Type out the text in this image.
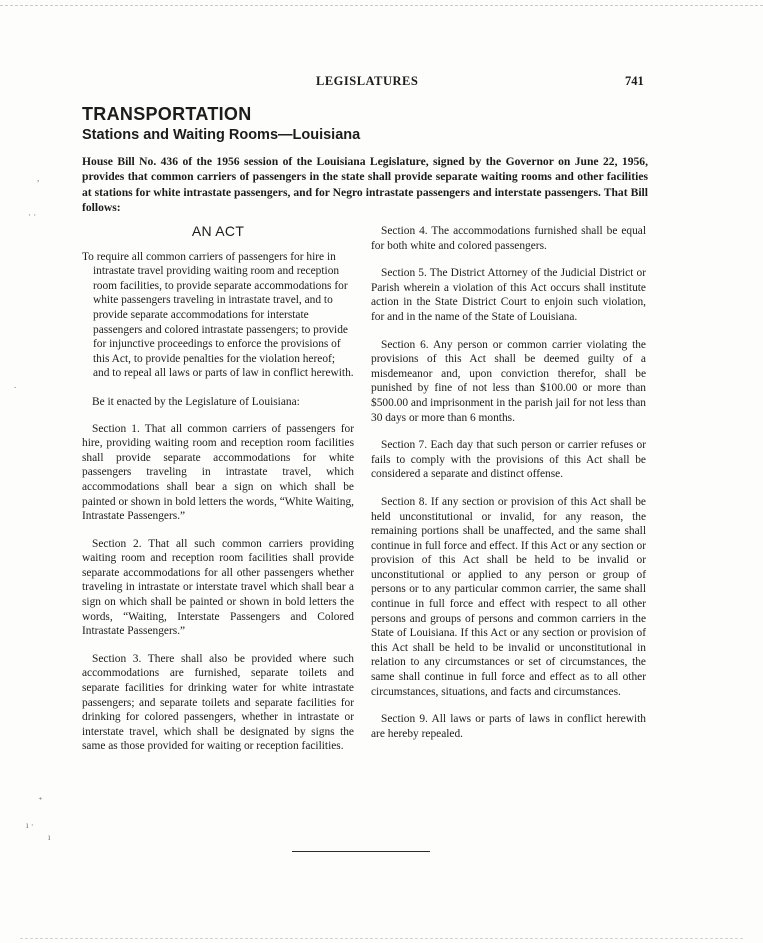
LEGISLATURES	741
TRANSPORTATION
Stations and Waiting Rooms—Louisiana
House Bill No. 436 of the 1956 session of the Louisiana Legislature, signed by the Governor on June 22, 1956, provides that common carriers of passengers in the state shall provide separate waiting rooms and other facilities at stations for white intrastate passengers, and for Negro intrastate passengers and interstate passengers. That Bill follows:
AN ACT
To require all common carriers of passengers for hire in intrastate travel providing waiting room and reception room facilities, to provide separate accommodations for white passengers traveling in intrastate travel, and to provide separate accommodations for interstate passengers and colored intrastate passengers; to provide for injunctive proceedings to enforce the provisions of this Act, to provide penalties for the violation hereof; and to repeal all laws or parts of law in conflict herewith.

Be it enacted by the Legislature of Louisiana:

Section 1. That all common carriers of passengers for hire, providing waiting room and reception room facilities shall provide separate accommodations for white passengers traveling in intrastate travel, which accommodations shall bear a sign on which shall be painted or shown in bold letters the words, “White Waiting, Intrastate Passengers.”

Section 2. That all such common carriers providing waiting room and reception room facilities shall provide separate accommodations for all other passengers whether traveling in intrastate or interstate travel which shall bear a sign on which shall be painted or shown in bold letters the words, “Waiting, Interstate Passengers and Colored Intrastate Passengers.”

Section 3. There shall also be provided where such accommodations are furnished, separate toilets and separate facilities for drinking water for white intrastate passengers; and separate toilets and separate facilities for drinking for colored passengers, whether in intrastate or interstate travel, which shall be designated by signs the same as those provided for waiting or reception facilities.

Section 4. The accommodations furnished shall be equal for both white and colored passengers.

Section 5. The District Attorney of the Judicial District or Parish wherein a violation of this Act occurs shall institute action in the State District Court to enjoin such violation, for and in the name of the State of Louisiana.

Section 6. Any person or common carrier violating the provisions of this Act shall be deemed guilty of a misdemeanor and, upon conviction therefor, shall be punished by fine of not less than $100.00 or more than $500.00 and imprisonment in the parish jail for not less than 30 days or more than 6 months.

Section 7. Each day that such person or carrier refuses or fails to comply with the provisions of this Act shall be considered a separate and distinct offense.

Section 8. If any section or provision of this Act shall be held unconstitutional or invalid, for any reason, the remaining portions shall be unaffected, and the same shall continue in full force and effect. If this Act or any section or provision of this Act shall be held to be invalid or unconstitutional or applied to any person or group of persons or to any particular common carrier, the same shall continue in full force and effect with respect to all other persons and groups of persons and common carriers in the State of Louisiana. If this Act or any section or provision of this Act shall be held to be invalid or unconstitutional in relation to any circumstances or set of circumstances, the same shall continue in full force and effect as to all other circumstances, situations, and facts and circumstances.

Section 9. All laws or parts of laws in conflict herewith are hereby repealed.

,
· ·
.
⁺
ı ·
ı
